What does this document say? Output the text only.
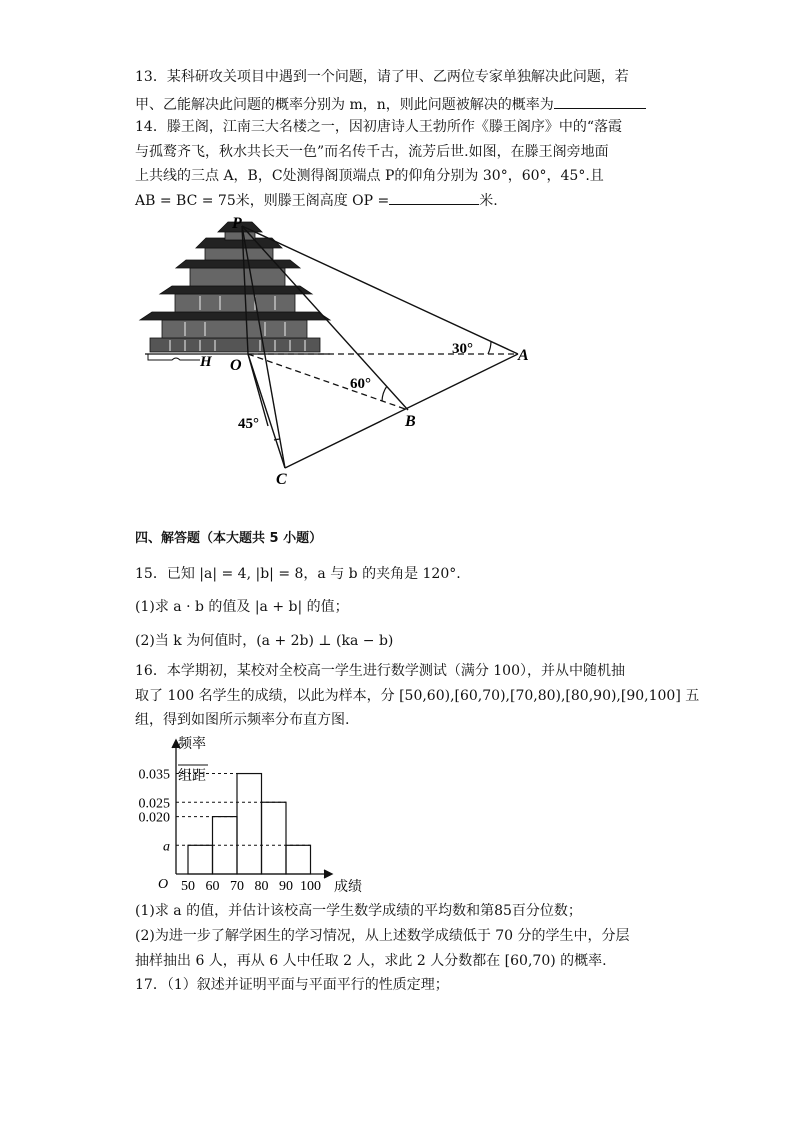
13．某科研攻关项目中遇到一个问题，请了甲、乙两位专家单独解决此问题，若
甲、乙能解决此问题的概率分别为 m，n，则此问题被解决的概率为
14．滕王阁，江南三大名楼之一，因初唐诗人王勃所作《滕王阁序》中的“落霞
与孤鹜齐飞，秋水共长天一色”而名传千古，流芳后世.如图，在滕王阁旁地面
上共线的三点 A，B，C处测得阁顶端点 P的仰角分别为 30°，60°，45°.且
AB = BC = 75米，则滕王阁高度 OP =	米.
P
O
H	A
B
C
30°
60°
45°
四、解答题（本大题共 5 小题）
15．已知 |a| = 4, |b| = 8，a 与 b 的夹角是 120°.
(1)求 a · b 的值及 |a + b| 的值；
(2)当 k 为何值时，(a + 2b) ⊥ (ka − b)
16．本学期初，某校对全校高一学生进行数学测试（满分 100），并从中随机抽
取了 100 名学生的成绩，以此为样本，分 [50,60),[60,70),[70,80),[80,90),[90,100] 五
组，得到如图所示频率分布直方图.
频率
组距
成绩
O
a
0.020
0.025
0.035
50 60 70 80 90 100
(1)求 a 的值，并估计该校高一学生数学成绩的平均数和第85百分位数；
(2)为进一步了解学困生的学习情况，从上述数学成绩低于 70 分的学生中，分层
抽样抽出 6 人，再从 6 人中任取 2 人，求此 2 人分数都在 [60,70) 的概率.
17．（1）叙述并证明平面与平面平行的性质定理；
